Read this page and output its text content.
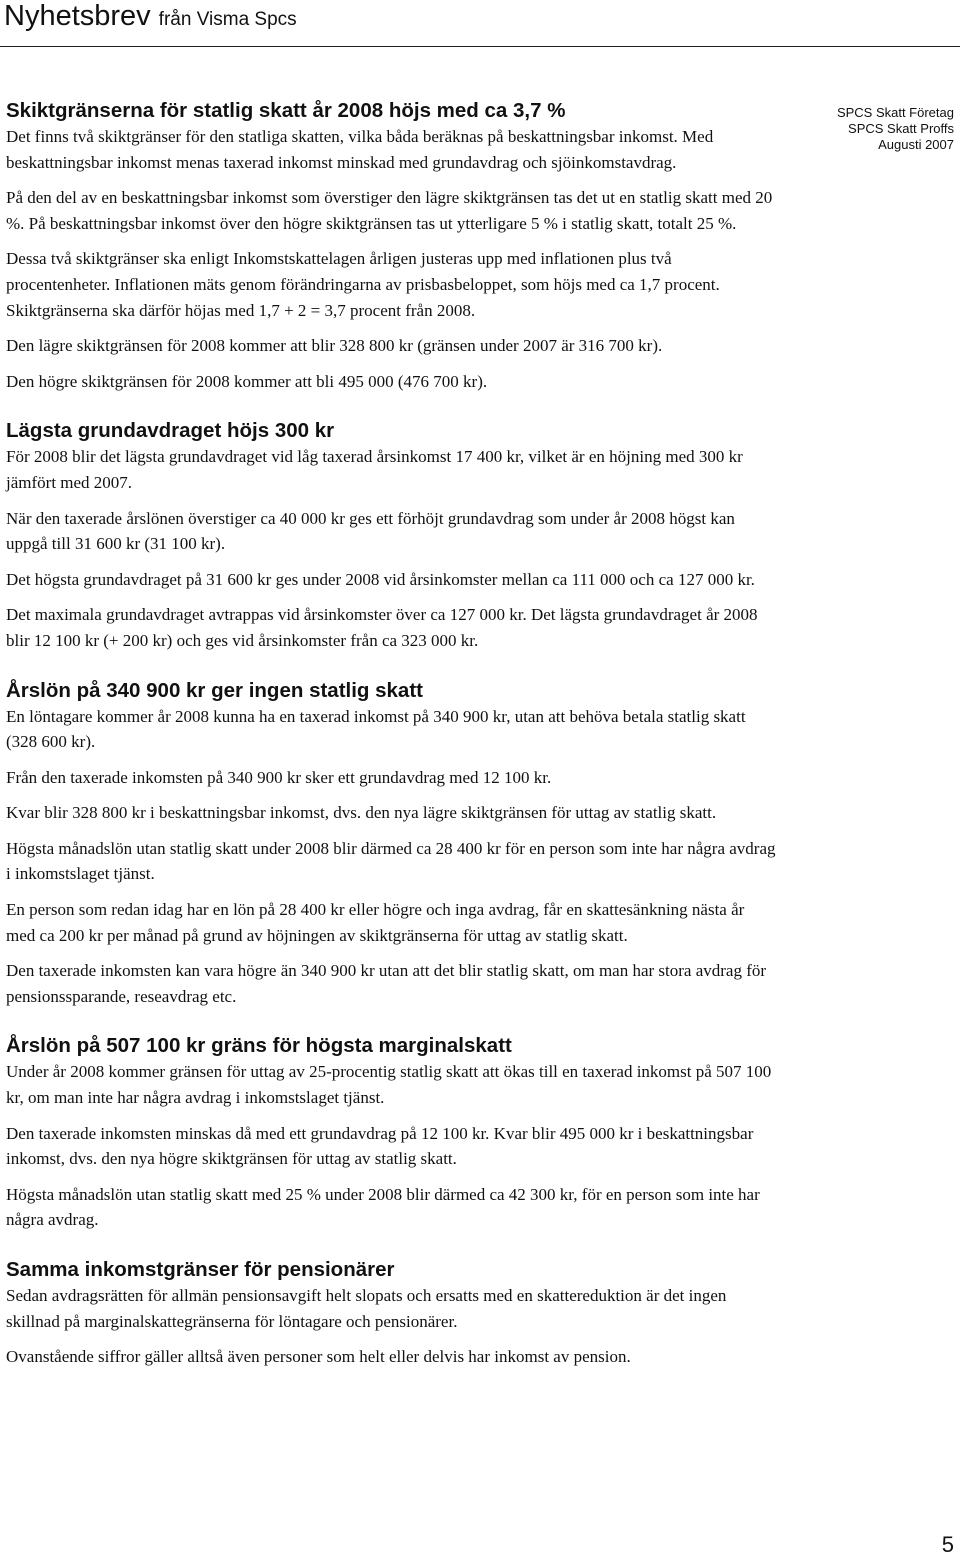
Nyhetsbrev från Visma Spcs
SPCS Skatt Företag
SPCS Skatt Proffs
Augusti 2007
Skiktgränserna för statlig skatt år 2008 höjs med ca 3,7 %

Det finns två skiktgränser för den statliga skatten, vilka båda beräknas på beskattningsbar inkomst. Med beskattningsbar inkomst menas taxerad inkomst minskad med grundavdrag och sjöinkomstavdrag.

På den del av en beskattningsbar inkomst som överstiger den lägre skiktgränsen tas det ut en statlig skatt med 20 %. På beskattningsbar inkomst över den högre skiktgränsen tas ut ytterligare 5 % i statlig skatt, totalt 25 %.

Dessa två skiktgränser ska enligt Inkomstskattelagen årligen justeras upp med inflationen plus två procentenheter. Inflationen mäts genom förändringarna av prisbasbeloppet, som höjs med ca 1,7 procent. Skiktgränserna ska därför höjas med 1,7 + 2 = 3,7 procent från 2008.

Den lägre skiktgränsen för 2008 kommer att blir 328 800 kr (gränsen under 2007 är 316 700 kr).

Den högre skiktgränsen för 2008 kommer att bli 495 000 (476 700 kr).

Lägsta grundavdraget höjs 300 kr

För 2008 blir det lägsta grundavdraget vid låg taxerad årsinkomst 17 400 kr, vilket är en höjning med 300 kr jämfört med 2007.

När den taxerade årslönen överstiger ca 40 000 kr ges ett förhöjt grundavdrag som under år 2008 högst kan uppgå till 31 600 kr (31 100 kr).

Det högsta grundavdraget på 31 600 kr ges under 2008 vid årsinkomster mellan ca 111 000 och ca 127 000 kr.

Det maximala grundavdraget avtrappas vid årsinkomster över ca 127 000 kr. Det lägsta grundavdraget år 2008 blir 12 100 kr (+ 200 kr) och ges vid årsinkomster från ca 323 000 kr.

Årslön på 340 900 kr ger ingen statlig skatt

En löntagare kommer år 2008 kunna ha en taxerad inkomst på 340 900 kr, utan att behöva betala statlig skatt (328 600 kr).

Från den taxerade inkomsten på 340 900 kr sker ett grundavdrag med 12 100 kr.

Kvar blir 328 800 kr i beskattningsbar inkomst, dvs. den nya lägre skiktgränsen för uttag av statlig skatt.

Högsta månadslön utan statlig skatt under 2008 blir därmed ca 28 400 kr för en person som inte har några avdrag i inkomstslaget tjänst.

En person som redan idag har en lön på 28 400 kr eller högre och inga avdrag, får en skattesänkning nästa år med ca 200 kr per månad på grund av höjningen av skiktgränserna för uttag av statlig skatt.

Den taxerade inkomsten kan vara högre än 340 900 kr utan att det blir statlig skatt, om man har stora avdrag för pensionssparande, reseavdrag etc.

Årslön på 507 100 kr gräns för högsta marginalskatt

Under år 2008 kommer gränsen för uttag av 25-procentig statlig skatt att ökas till en taxerad inkomst på 507 100 kr, om man inte har några avdrag i inkomstslaget tjänst.

Den taxerade inkomsten minskas då med ett grundavdrag på 12 100 kr. Kvar blir 495 000 kr i beskattningsbar inkomst, dvs. den nya högre skiktgränsen för uttag av statlig skatt.

Högsta månadslön utan statlig skatt med 25 % under 2008 blir därmed ca 42 300 kr, för en person som inte har några avdrag.

Samma inkomstgränser för pensionärer

Sedan avdragsrätten för allmän pensionsavgift helt slopats och ersatts med en skattereduktion är det ingen skillnad på marginalskattegränserna för löntagare och pensionärer.

Ovanstående siffror gäller alltså även personer som helt eller delvis har inkomst av pension.

5
